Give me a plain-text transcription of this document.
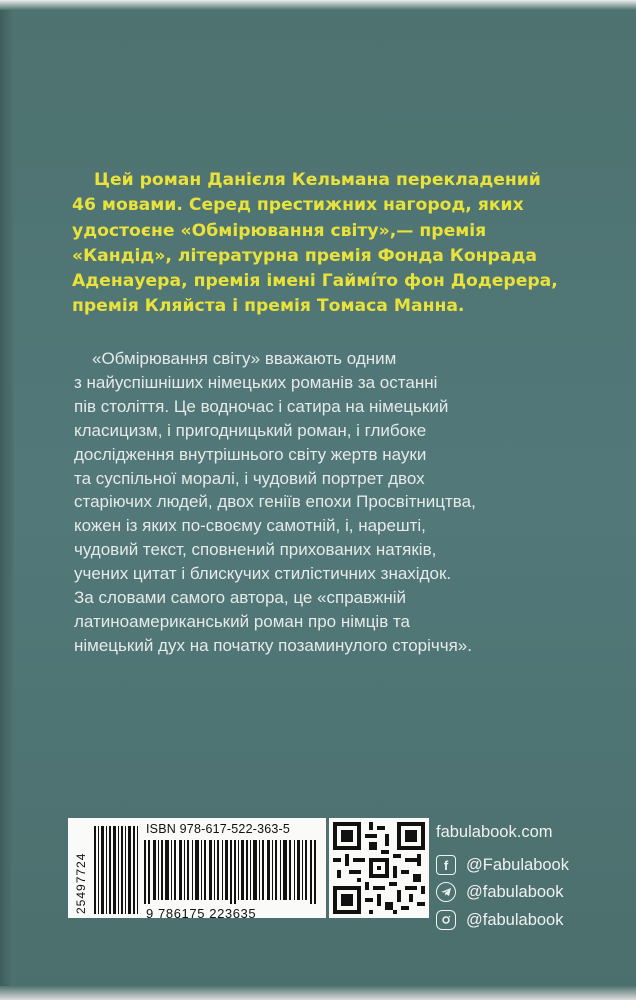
Цей роман Данієля Кельмана перекладений
46 мовами. Серед престижних нагород, яких
удостоєне «Обмірювання світу»,— премія
«Кандід», літературна премія Фонда Конрада
Аденауера, премія імені Гаймíто фон Додерера,
премія Кляйста і премія Томаса Манна.
«Обмірювання світу» вважають одним
з найуспішніших німецьких романів за останні
пів століття. Це водночас і сатира на німецький
класицизм, і пригодницький роман, і глибоке
дослідження внутрішнього світу жертв науки
та суспільної моралі, і чудовий портрет двох
старіючих людей, двох геніїв епохи Просвітництва,
кожен із яких по-своєму самотній, і, нарешті,
чудовий текст, сповнений прихованих натяків,
учених цитат і блискучих стилістичних знахідок.
За словами самого автора, це «справжній
латиноамериканський роман про німців та
німецький дух на початку позаминулого сторіччя».
25497724
ISBN 978-617-522-363-5
9 786175 223635
fabulabook.com
f	@Fabulabook
@fabulabook
@fabulabook
